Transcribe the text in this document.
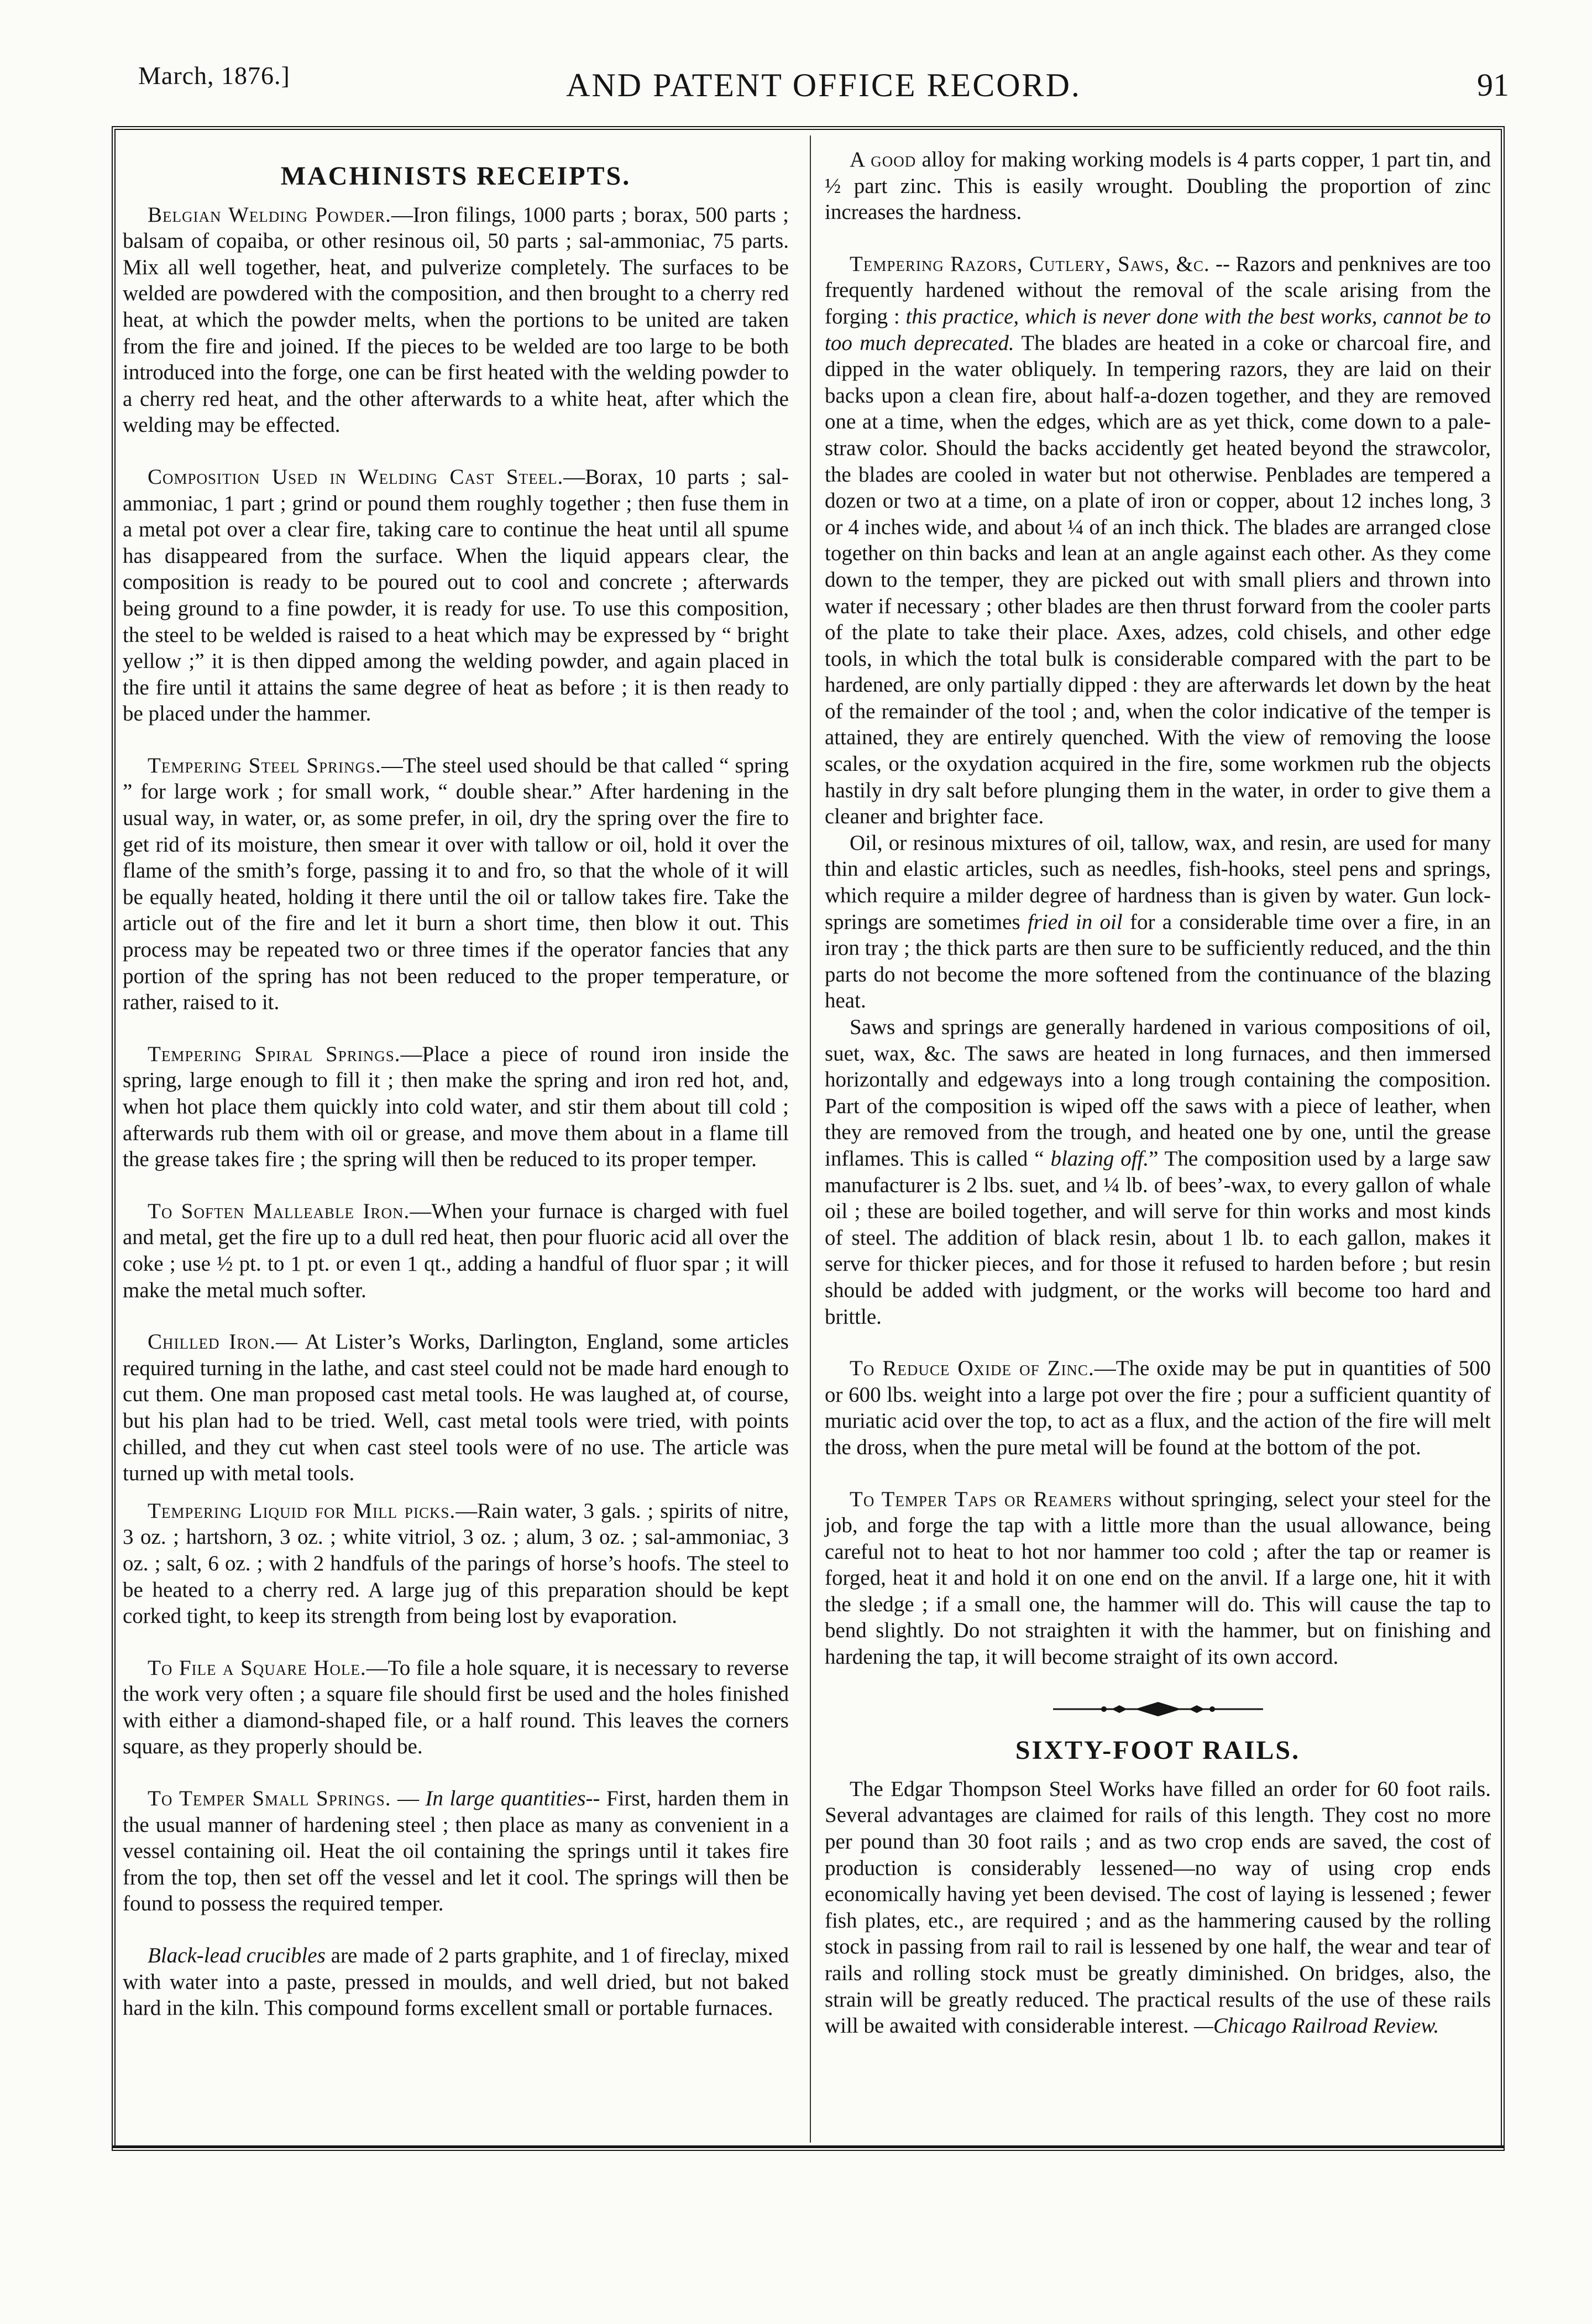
March, 1876.]	AND PATENT OFFICE RECORD.	91
MACHINISTS RECEIPTS.

Belgian Welding Powder.—Iron filings, 1000 parts ; borax, 500 parts ; balsam of copaiba, or other resinous oil, 50 parts ; sal-ammoniac, 75 parts. Mix all well together, heat, and pulverize completely. The surfaces to be welded are powdered with the composition, and then brought to a cherry red heat, at which the powder melts, when the portions to be united are taken from the fire and joined. If the pieces to be welded are too large to be both introduced into the forge, one can be first heated with the welding powder to a cherry red heat, and the other afterwards to a white heat, after which the welding may be effected.

Composition Used in Welding Cast Steel.—Borax, 10 parts ; sal-ammoniac, 1 part ; grind or pound them roughly together ; then fuse them in a metal pot over a clear fire, taking care to continue the heat until all spume has disappeared from the surface. When the liquid appears clear, the composition is ready to be poured out to cool and concrete ; afterwards being ground to a fine powder, it is ready for use. To use this composition, the steel to be welded is raised to a heat which may be expressed by “ bright yellow ;” it is then dipped among the welding powder, and again placed in the fire until it attains the same degree of heat as before ; it is then ready to be placed under the hammer.

Tempering Steel Springs.—The steel used should be that called “ spring ” for large work ; for small work, “ double shear.” After hardening in the usual way, in water, or, as some prefer, in oil, dry the spring over the fire to get rid of its moisture, then smear it over with tallow or oil, hold it over the flame of the smith’s forge, passing it to and fro, so that the whole of it will be equally heated, holding it there until the oil or tallow takes fire. Take the article out of the fire and let it burn a short time, then blow it out. This process may be repeated two or three times if the operator fancies that any portion of the spring has not been reduced to the proper temperature, or rather, raised to it.

Tempering Spiral Springs.—Place a piece of round iron inside the spring, large enough to fill it ; then make the spring and iron red hot, and, when hot place them quickly into cold water, and stir them about till cold ; afterwards rub them with oil or grease, and move them about in a flame till the grease takes fire ; the spring will then be reduced to its proper temper.

To Soften Malleable Iron.—When your furnace is charged with fuel and metal, get the fire up to a dull red heat, then pour fluoric acid all over the coke ; use ½ pt. to 1 pt. or even 1 qt., adding a handful of fluor spar ; it will make the metal much softer.

Chilled Iron.— At Lister’s Works, Darlington, England, some articles required turning in the lathe, and cast steel could not be made hard enough to cut them. One man proposed cast metal tools. He was laughed at, of course, but his plan had to be tried. Well, cast metal tools were tried, with points chilled, and they cut when cast steel tools were of no use. The article was turned up with metal tools.

Tempering Liquid for Mill picks.—Rain water, 3 gals. ; spirits of nitre, 3 oz. ; hartshorn, 3 oz. ; white vitriol, 3 oz. ; alum, 3 oz. ; sal-ammoniac, 3 oz. ; salt, 6 oz. ; with 2 handfuls of the parings of horse’s hoofs. The steel to be heated to a cherry red. A large jug of this preparation should be kept corked tight, to keep its strength from being lost by evaporation.

To File a Square Hole.—To file a hole square, it is necessary to reverse the work very often ; a square file should first be used and the holes finished with either a diamond-shaped file, or a half round. This leaves the corners square, as they properly should be.

To Temper Small Springs. — In large quantities-- First, harden them in the usual manner of hardening steel ; then place as many as convenient in a vessel containing oil. Heat the oil containing the springs until it takes fire from the top, then set off the vessel and let it cool. The springs will then be found to possess the required temper.

Black-lead crucibles are made of 2 parts graphite, and 1 of fireclay, mixed with water into a paste, pressed in moulds, and well dried, but not baked hard in the kiln. This compound forms excellent small or portable furnaces.

A good alloy for making working models is 4 parts copper, 1 part tin, and ½ part zinc. This is easily wrought. Doubling the proportion of zinc increases the hardness.

Tempering Razors, Cutlery, Saws, &c. -- Razors and penknives are too frequently hardened without the removal of the scale arising from the forging : this practice, which is never done with the best works, cannot be to too much deprecated. The blades are heated in a coke or charcoal fire, and dipped in the water obliquely. In tempering razors, they are laid on their backs upon a clean fire, about half-a-dozen together, and they are removed one at a time, when the edges, which are as yet thick, come down to a pale-straw color. Should the backs accidently get heated beyond the strawcolor, the blades are cooled in water but not otherwise. Penblades are tempered a dozen or two at a time, on a plate of iron or copper, about 12 inches long, 3 or 4 inches wide, and about ¼ of an inch thick. The blades are arranged close together on thin backs and lean at an angle against each other. As they come down to the temper, they are picked out with small pliers and thrown into water if necessary ; other blades are then thrust forward from the cooler parts of the plate to take their place. Axes, adzes, cold chisels, and other edge tools, in which the total bulk is considerable compared with the part to be hardened, are only partially dipped : they are afterwards let down by the heat of the remainder of the tool ; and, when the color indicative of the temper is attained, they are entirely quenched. With the view of removing the loose scales, or the oxydation acquired in the fire, some workmen rub the objects hastily in dry salt before plunging them in the water, in order to give them a cleaner and brighter face.

Oil, or resinous mixtures of oil, tallow, wax, and resin, are used for many thin and elastic articles, such as needles, fish-hooks, steel pens and springs, which require a milder degree of hardness than is given by water. Gun lock-springs are sometimes fried in oil for a considerable time over a fire, in an iron tray ; the thick parts are then sure to be sufficiently reduced, and the thin parts do not become the more softened from the continuance of the blazing heat.

Saws and springs are generally hardened in various compositions of oil, suet, wax, &c. The saws are heated in long furnaces, and then immersed horizontally and edgeways into a long trough containing the composition. Part of the composition is wiped off the saws with a piece of leather, when they are removed from the trough, and heated one by one, until the grease inflames. This is called “ blazing off.” The composition used by a large saw manufacturer is 2 lbs. suet, and ¼ lb. of bees’-wax, to every gallon of whale oil ; these are boiled together, and will serve for thin works and most kinds of steel. The addition of black resin, about 1 lb. to each gallon, makes it serve for thicker pieces, and for those it refused to harden before ; but resin should be added with judgment, or the works will become too hard and brittle.

To Reduce Oxide of Zinc.—The oxide may be put in quantities of 500 or 600 lbs. weight into a large pot over the fire ; pour a sufficient quantity of muriatic acid over the top, to act as a flux, and the action of the fire will melt the dross, when the pure metal will be found at the bottom of the pot.

To Temper Taps or Reamers without springing, select your steel for the job, and forge the tap with a little more than the usual allowance, being careful not to heat to hot nor hammer too cold ; after the tap or reamer is forged, heat it and hold it on one end on the anvil. If a large one, hit it with the sledge ; if a small one, the hammer will do. This will cause the tap to bend slightly. Do not straighten it with the hammer, but on finishing and hardening the tap, it will become straight of its own accord.

SIXTY-FOOT RAILS.

The Edgar Thompson Steel Works have filled an order for 60 foot rails. Several advantages are claimed for rails of this length. They cost no more per pound than 30 foot rails ; and as two crop ends are saved, the cost of production is considerably lessened—no way of using crop ends economically having yet been devised. The cost of laying is lessened ; fewer fish plates, etc., are required ; and as the hammering caused by the rolling stock in passing from rail to rail is lessened by one half, the wear and tear of rails and rolling stock must be greatly diminished. On bridges, also, the strain will be greatly reduced. The practical results of the use of these rails will be awaited with considerable interest. —Chicago Railroad Review.
